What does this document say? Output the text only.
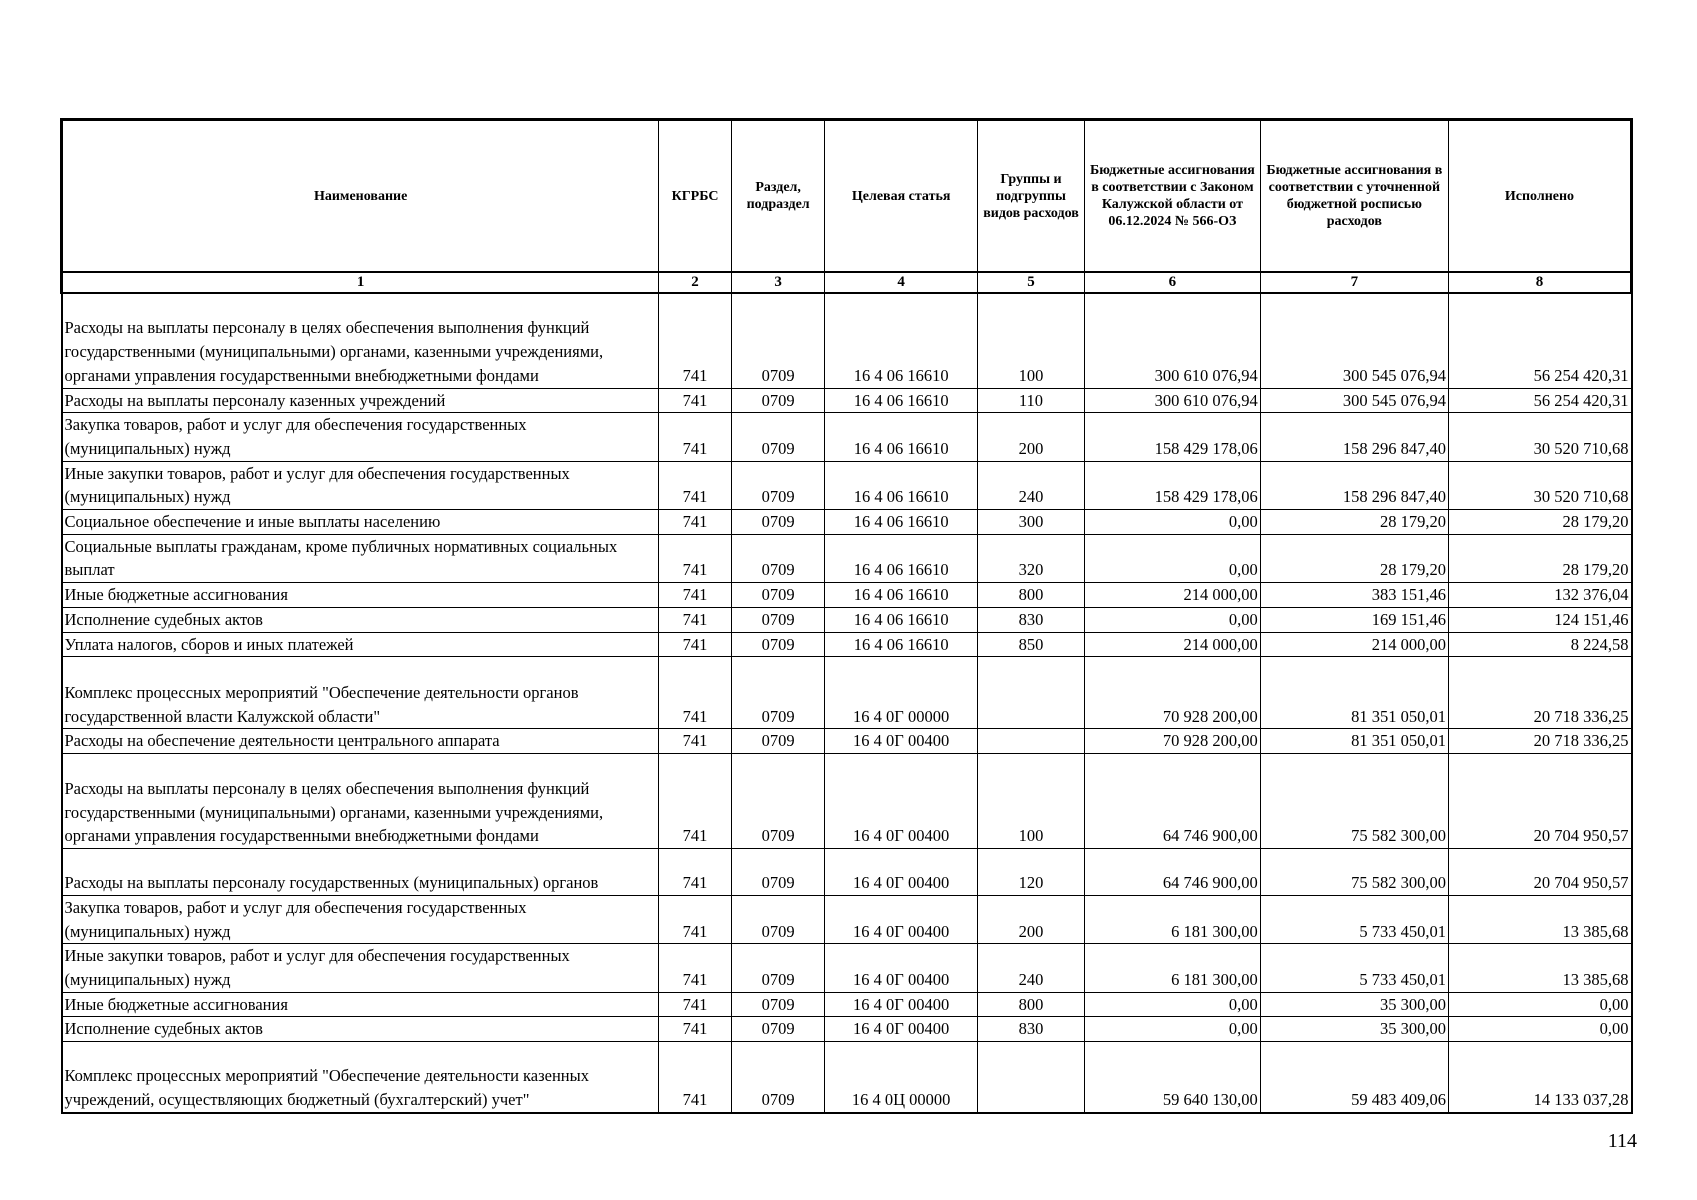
Наименование	КГРБС	Раздел, подраздел	Целевая статья	Группы и подгруппы видов расходов	Бюджетные ассигнования в соответствии с Законом Калужской области от 06.12.2024 № 566-ОЗ	Бюджетные ассигнования в соответствии с уточненной бюджетной росписью расходов	Исполнено
1	2	3	4	5	6	7	8
Расходы на выплаты персоналу в целях обеспечения выполнения функций государственными (муниципальными) органами, казенными учреждениями, органами управления государственными внебюджетными фондами	741	0709	16 4 06 16610	100	300 610 076,94	300 545 076,94	56 254 420,31
Расходы на выплаты персоналу казенных учреждений	741	0709	16 4 06 16610	110	300 610 076,94	300 545 076,94	56 254 420,31
Закупка товаров, работ и услуг для обеспечения государственных (муниципальных) нужд	741	0709	16 4 06 16610	200	158 429 178,06	158 296 847,40	30 520 710,68
Иные закупки товаров, работ и услуг для обеспечения государственных (муниципальных) нужд	741	0709	16 4 06 16610	240	158 429 178,06	158 296 847,40	30 520 710,68
Социальное обеспечение и иные выплаты населению	741	0709	16 4 06 16610	300	0,00	28 179,20	28 179,20
Социальные выплаты гражданам, кроме публичных нормативных социальных выплат	741	0709	16 4 06 16610	320	0,00	28 179,20	28 179,20
Иные бюджетные ассигнования	741	0709	16 4 06 16610	800	214 000,00	383 151,46	132 376,04
Исполнение судебных актов	741	0709	16 4 06 16610	830	0,00	169 151,46	124 151,46
Уплата налогов, сборов и иных платежей	741	0709	16 4 06 16610	850	214 000,00	214 000,00	8 224,58
Комплекс процессных мероприятий "Обеспечение деятельности органов государственной власти Калужской области"	741	0709	16 4 0Г 00000		70 928 200,00	81 351 050,01	20 718 336,25
Расходы на обеспечение деятельности центрального аппарата	741	0709	16 4 0Г 00400		70 928 200,00	81 351 050,01	20 718 336,25
Расходы на выплаты персоналу в целях обеспечения выполнения функций государственными (муниципальными) органами, казенными учреждениями, органами управления государственными внебюджетными фондами	741	0709	16 4 0Г 00400	100	64 746 900,00	75 582 300,00	20 704 950,57
Расходы на выплаты персоналу государственных (муниципальных) органов	741	0709	16 4 0Г 00400	120	64 746 900,00	75 582 300,00	20 704 950,57
Закупка товаров, работ и услуг для обеспечения государственных (муниципальных) нужд	741	0709	16 4 0Г 00400	200	6 181 300,00	5 733 450,01	13 385,68
Иные закупки товаров, работ и услуг для обеспечения государственных (муниципальных) нужд	741	0709	16 4 0Г 00400	240	6 181 300,00	5 733 450,01	13 385,68
Иные бюджетные ассигнования	741	0709	16 4 0Г 00400	800	0,00	35 300,00	0,00
Исполнение судебных актов	741	0709	16 4 0Г 00400	830	0,00	35 300,00	0,00
Комплекс процессных мероприятий "Обеспечение деятельности казенных учреждений, осуществляющих бюджетный (бухгалтерский) учет"	741	0709	16 4 0Ц 00000		59 640 130,00	59 483 409,06	14 133 037,28
114
